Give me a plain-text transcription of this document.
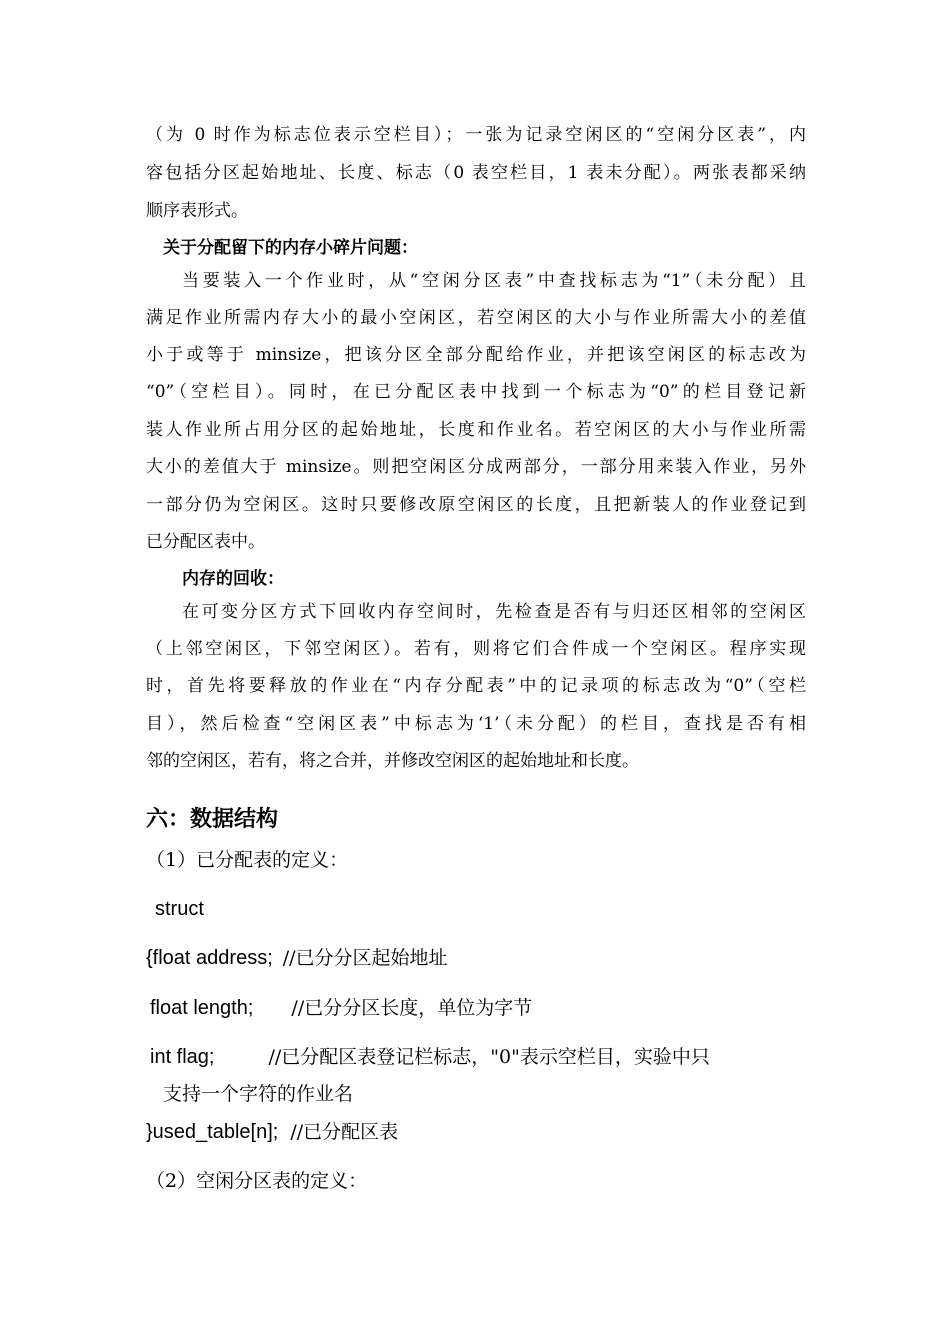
（为 0 时作为标志位表示空栏目）；一张为记录空闲区的“空闲分区表”，内
容包括分区起始地址、长度、标志（0 表空栏目，1 表未分配）。两张表都采纳
顺序表形式。
关于分配留下的内存小碎片问题：
当要装入一个作业时，从“空闲分区表”中查找标志为“1”（未分配）且
满足作业所需内存大小的最小空闲区，若空闲区的大小与作业所需大小的差值
小于或等于 minsize，把该分区全部分配给作业，并把该空闲区的标志改为
“0”（空栏目）。同时，在已分配区表中找到一个标志为“0”的栏目登记新
装人作业所占用分区的起始地址，长度和作业名。若空闲区的大小与作业所需
大小的差值大于 minsize。则把空闲区分成两部分，一部分用来装入作业，另外
一部分仍为空闲区。这时只要修改原空闲区的长度，且把新装人的作业登记到
已分配区表中。
内存的回收：
在可变分区方式下回收内存空间时，先检查是否有与归还区相邻的空闲区
（上邻空闲区，下邻空闲区）。若有，则将它们合件成一个空闲区。程序实现
时，首先将要释放的作业在“内存分配表”中的记录项的标志改为“0”（空栏
目），然后检查“空闲区表”中标志为‘1’（未分配）的栏目，查找是否有相
邻的空闲区，若有，将之合并，并修改空闲区的起始地址和长度。
六：数据结构
（1）已分配表的定义：
struct
{float address; //已分分区起始地址
float length; //已分分区长度，单位为字节
int flag;	//已分配区表登记栏标志，"0"表示空栏目，实验中只
支持一个字符的作业名
}used_table[n]; //已分配区表
（2）空闲分区表的定义：
